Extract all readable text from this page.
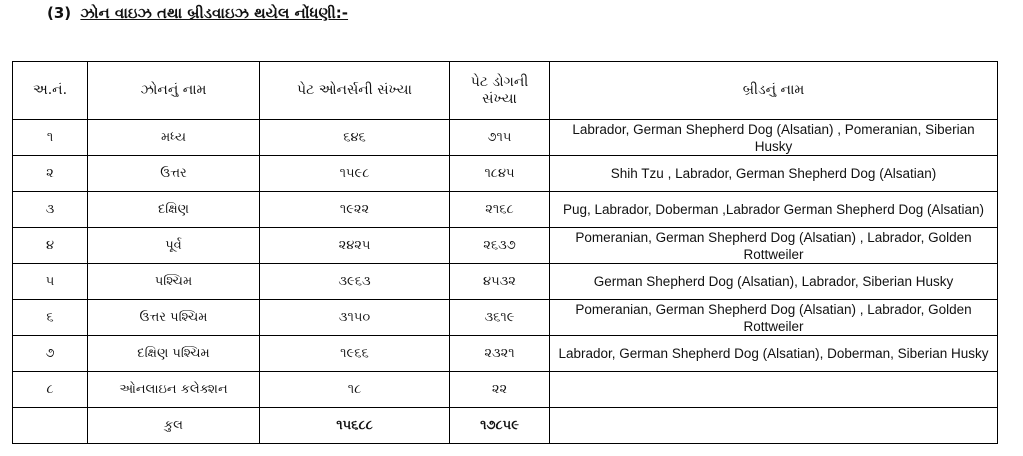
(3) ઝોન વાઇઝ તથા બ્રીડવાઇઝ થયેલ નોંધણી:-
અ.નં.	ઝોનનું નામ	પેટ ઓનર્સની સંખ્યા	પેટ ડોગની સંખ્યા	બ્રીડનું નામ
૧	મધ્ય	૬૪૬	૭૧૫	Labrador, German Shepherd Dog (Alsatian) , Pomeranian, Siberian Husky
૨	ઉત્તર	૧૫૯૮	૧૮૪૫	Shih Tzu , Labrador, German Shepherd Dog (Alsatian)
૩	દક્ષિણ	૧૯૨૨	૨૧૬૮	Pug, Labrador, Doberman ,Labrador German Shepherd Dog (Alsatian)
૪	પૂર્વ	૨૪૨૫	૨૬૩૭	Pomeranian, German Shepherd Dog (Alsatian) , Labrador, Golden Rottweiler
૫	પશ્ચિમ	૩૯૬૩	૪૫૩૨	German Shepherd Dog (Alsatian), Labrador, Siberian Husky
૬	ઉત્તર પશ્ચિમ	૩૧૫૦	૩૬૧૯	Pomeranian, German Shepherd Dog (Alsatian) , Labrador, Golden Rottweiler
૭	દક્ષિણ પશ્ચિમ	૧૯૬૬	૨૩૨૧	Labrador, German Shepherd Dog (Alsatian), Doberman, Siberian Husky
૮	ઓનલાઇન કલેક્શન	૧૮	૨૨	
	કુલ	૧૫૬૮૮	૧૭૮૫૯	
